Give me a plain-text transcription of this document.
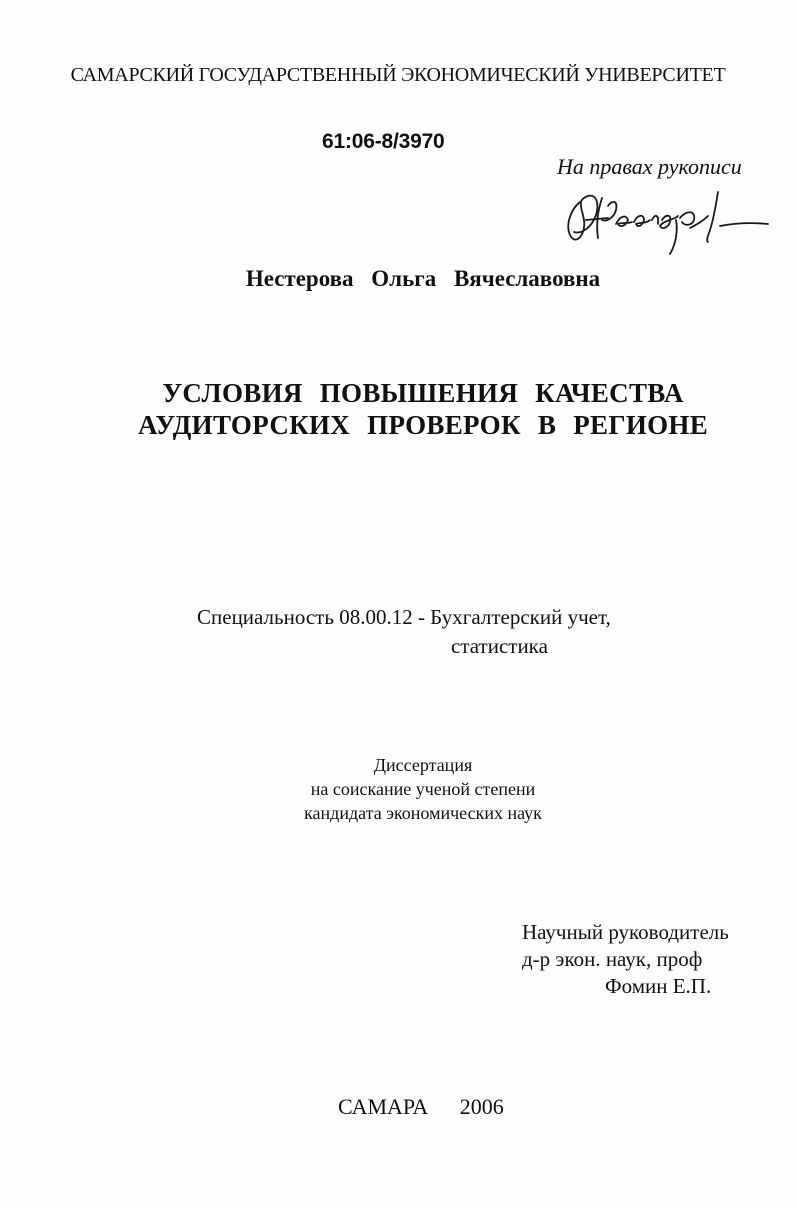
САМАРСКИЙ ГОСУДАРСТВЕННЫЙ ЭКОНОМИЧЕСКИЙ УНИВЕРСИТЕТ
61:06-8/3970
На правах рукописи
Нестерова Ольга Вячеславовна
УСЛОВИЯ ПОВЫШЕНИЯ КАЧЕСТВА
АУДИТОРСКИХ ПРОВЕРОК В РЕГИОНЕ
Специальность 08.00.12 - Бухгалтерский учет,
статистика
Диссертация
на соискание ученой степени
кандидата экономических наук
Научный руководитель
д-р экон. наук, проф
Фомин Е.П.
САМАРА 2006
